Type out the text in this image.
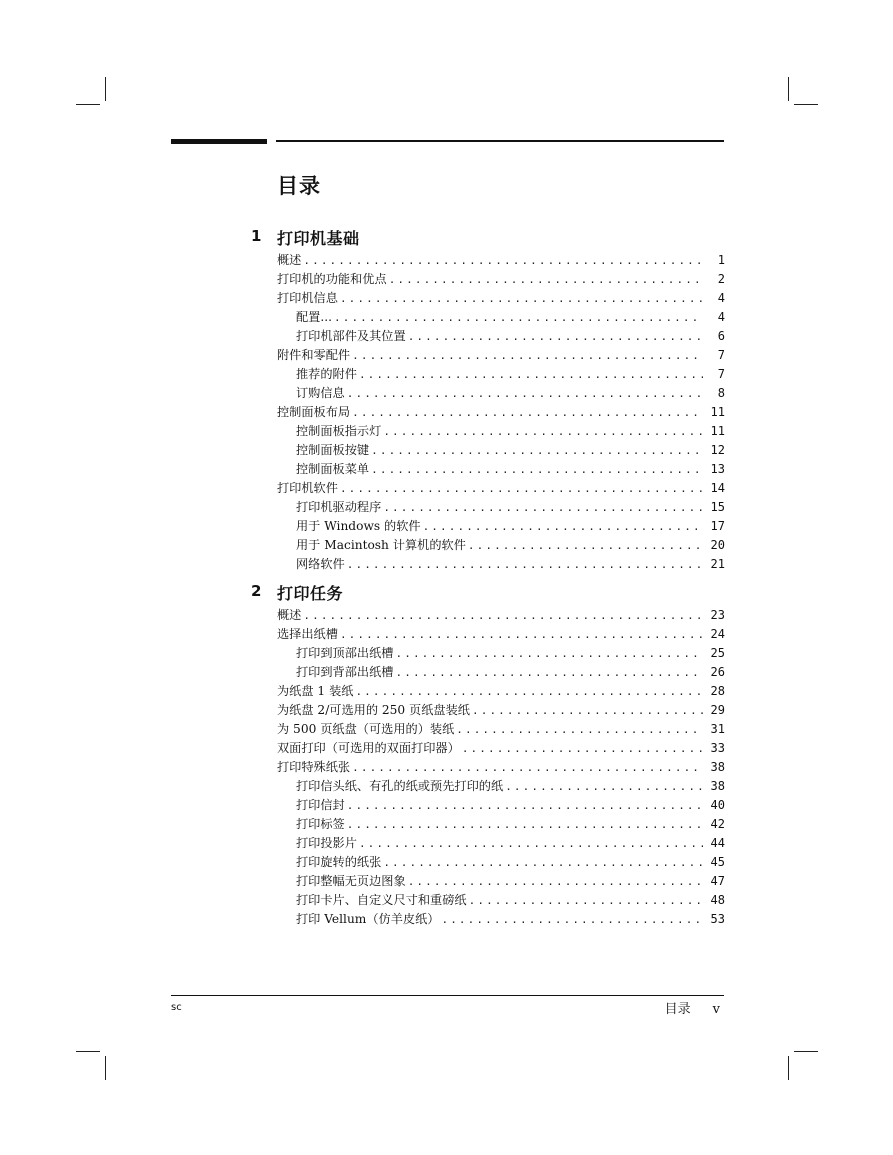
目录
1 打印机基础
概述 .....	1
打印机的功能和优点 .....	2
打印机信息 .....	4
配置... .....	4
打印机部件及其位置 .....	6
附件和零配件 .....	7
推荐的附件 .....	7
订购信息 .....	8
控制面板布局 .....	11
控制面板指示灯 .....	11
控制面板按键 .....	12
控制面板菜单 .....	13
打印机软件 .....	14
打印机驱动程序 .....	15
用于 Windows 的软件 .....	17
用于 Macintosh 计算机的软件 .....	20
网络软件 .....	21
2 打印任务
概述 .....	23
选择出纸槽 .....	24
打印到顶部出纸槽 .....	25
打印到背部出纸槽 .....	26
为纸盘 1 装纸 .....	28
为纸盘 2/可选用的 250 页纸盘装纸 .....	29
为 500 页纸盘（可选用的）装纸 .....	31
双面打印（可选用的双面打印器） .....	33
打印特殊纸张 .....	38
打印信头纸、有孔的纸或预先打印的纸 .....	38
打印信封 .....	40
打印标签 .....	42
打印投影片 .....	44
打印旋转的纸张 .....	45
打印整幅无页边图象 .....	47
打印卡片、自定义尺寸和重磅纸 .....	48
打印 Vellum（仿羊皮纸） .....	53
sc	目录 v
